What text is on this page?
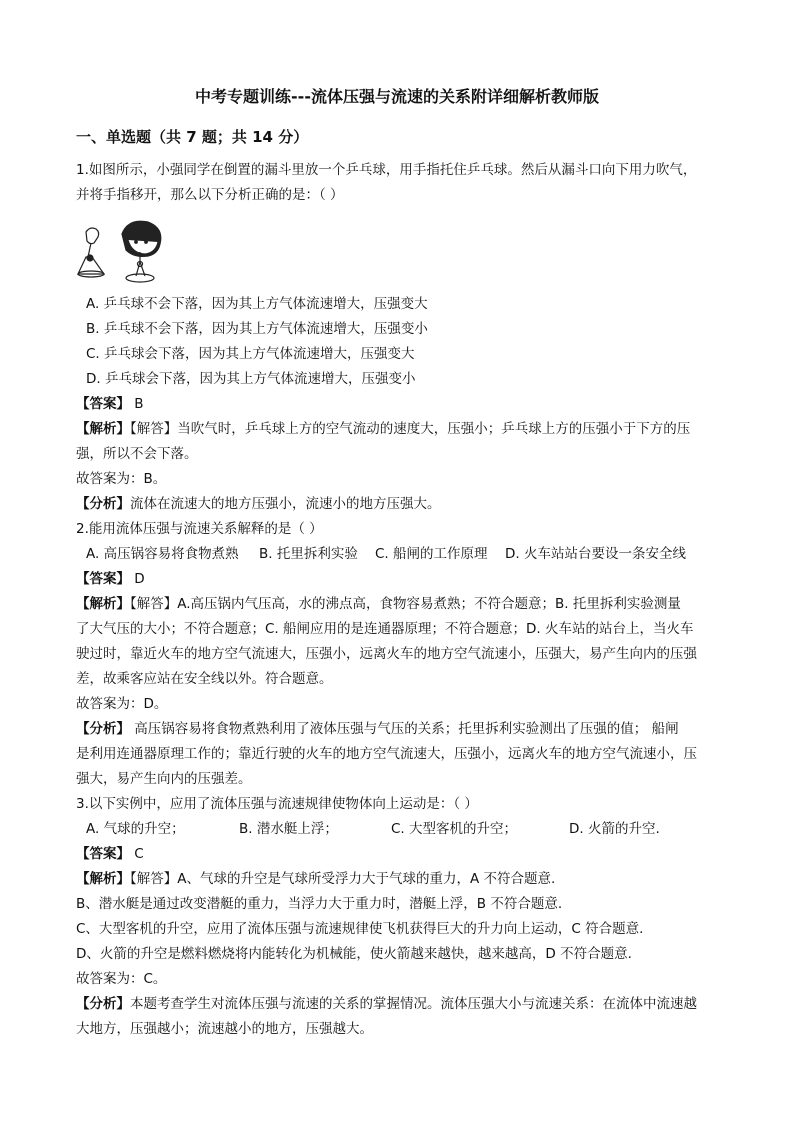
中考专题训练---流体压强与流速的关系附详细解析教师版
一、单选题（共 7 题；共 14 分）
1.如图所示，小强同学在倒置的漏斗里放一个乒乓球，用手指托住乒乓球。然后从漏斗口向下用力吹气，
并将手指移开，那么以下分析正确的是：（ ）
A. 乒乓球不会下落，因为其上方气体流速增大，压强变大
B. 乒乓球不会下落，因为其上方气体流速增大，压强变小
C. 乒乓球会下落，因为其上方气体流速增大，压强变大
D. 乒乓球会下落，因为其上方气体流速增大，压强变小
【答案】 B
【解析】【解答】当吹气时，乒乓球上方的空气流动的速度大，压强小；乒乓球上方的压强小于下方的压
强，所以不会下落。
故答案为：B。
【分析】流体在流速大的地方压强小，流速小的地方压强大。
2.能用流体压强与流速关系解释的是（ ）
A. 高压锅容易将食物煮熟 B. 托里拆利实验 C. 船闸的工作原理 D. 火车站站台要设一条安全线
【答案】 D
【解析】【解答】A.高压锅内气压高，水的沸点高，食物容易煮熟；不符合题意；B. 托里拆利实验测量
了大气压的大小；不符合题意；C. 船闸应用的是连通器原理；不符合题意；D. 火车站的站台上，当火车
驶过时，靠近火车的地方空气流速大，压强小，远离火车的地方空气流速小，压强大，易产生向内的压强
差，故乘客应站在安全线以外。符合题意。
故答案为：D。
【分析】 高压锅容易将食物煮熟利用了液体压强与气压的关系；托里拆利实验测出了压强的值； 船闸
是利用连通器原理工作的；靠近行驶的火车的地方空气流速大，压强小，远离火车的地方空气流速小，压
强大，易产生向内的压强差。
3.以下实例中，应用了流体压强与流速规律使物体向上运动是：（ ）
A. 气球的升空；	B. 潜水艇上浮；	C. 大型客机的升空；	D. 火箭的升空.
【答案】 C
【解析】【解答】A、气球的升空是气球所受浮力大于气球的重力，A 不符合题意.
B、潜水艇是通过改变潜艇的重力，当浮力大于重力时，潜艇上浮，B 不符合题意.
C、大型客机的升空，应用了流体压强与流速规律使飞机获得巨大的升力向上运动，C 符合题意.
D、火箭的升空是燃料燃烧将内能转化为机械能，使火箭越来越快，越来越高，D 不符合题意.
故答案为：C。
【分析】本题考查学生对流体压强与流速的关系的掌握情况。流体压强大小与流速关系：在流体中流速越
大地方，压强越小；流速越小的地方，压强越大。
